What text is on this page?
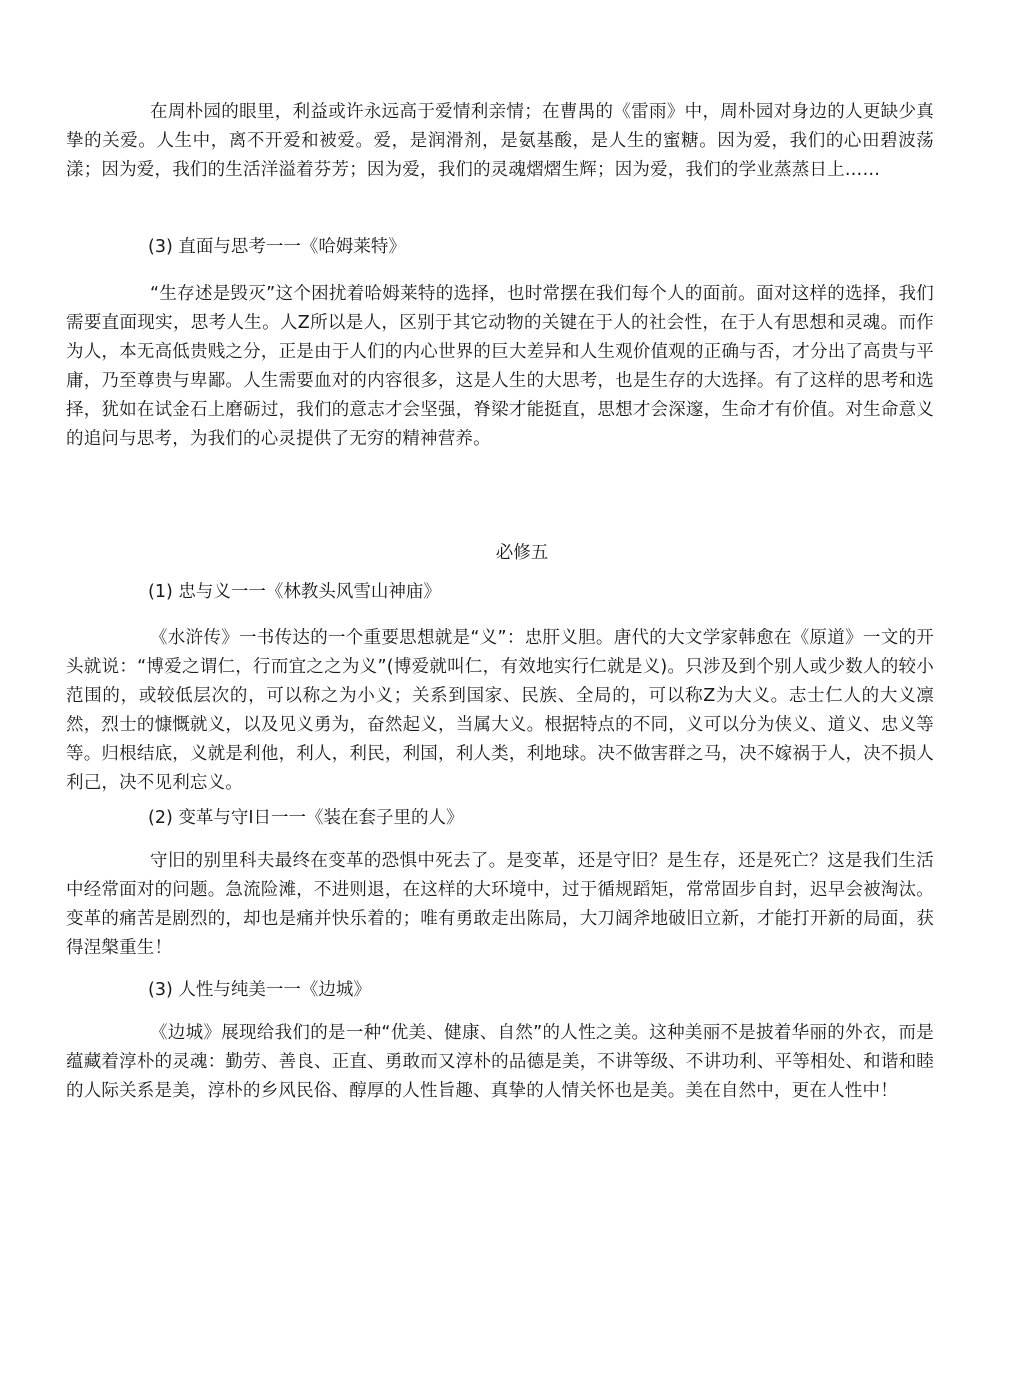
在周朴园的眼里，利益或许永远高于爱情利亲情；在曹禺的《雷雨》中，周朴园对身边的人更缺少真挚的关爱。人生中，离不开爱和被爱。爱，是润滑剂，是氨基酸，是人生的蜜糖。因为爱，我们的心田碧波荡漾；因为爱，我们的生活洋溢着芬芳；因为爱，我们的灵魂熠熠生辉；因为爱，我们的学业蒸蒸日上……

(3) 直面与思考一一《哈姆莱特》

“生存述是毁灭”这个困扰着哈姆莱特的选择，也时常摆在我们每个人的面前。面对这样的选择，我们需要直面现实，思考人生。人Z所以是人，区别于其它动物的关键在于人的社会性，在于人有思想和灵魂。而作为人，本无高低贵贱之分，正是由于人们的内心世界的巨大差异和人生观价值观的正确与否，才分出了高贵与平庸，乃至尊贵与卑鄙。人生需要血对的内容很多，这是人生的大思考，也是生存的大选择。有了这样的思考和选择，犹如在试金石上磨砺过，我们的意志才会坚强，脊梁才能挺直，思想才会深邃，生命才有价值。对生命意义的追问与思考，为我们的心灵提供了无穷的精神营养。

必修五

(1) 忠与义一一《林教头风雪山神庙》

《水浒传》一书传达的一个重要思想就是“义”：忠肝义胆。唐代的大文学家韩愈在《原道》一文的开头就说：“博爱之谓仁，行而宜之之为义”(博爱就叫仁，有效地实行仁就是义)。只涉及到个别人或少数人的较小范围的，或较低层次的，可以称之为小义；关系到国家、民族、全局的，可以称Z为大义。志士仁人的大义凛然，烈士的慷慨就义，以及见义勇为，奋然起义，当属大义。根据特点的不同，义可以分为侠义、道义、忠义等等。归根结底，义就是利他，利人，利民，利国，利人类，利地球。决不做害群之马，决不嫁祸于人，决不损人利己，决不见利忘义。

(2) 变革与守I日一一《装在套子里的人》

守旧的别里科夫最终在变革的恐惧中死去了。是变革，还是守旧？是生存，还是死亡？这是我们生活中经常面对的问题。急流险滩，不进则退，在这样的大环境中，过于循规蹈矩，常常固步自封，迟早会被淘汰。变革的痛苦是剧烈的，却也是痛并快乐着的；唯有勇敢走出陈局，大刀阔斧地破旧立新，才能打开新的局面，获得涅槃重生！

(3) 人性与纯美一一《边城》

《边城》展现给我们的是一种“优美、健康、自然”的人性之美。这种美丽不是披着华丽的外衣，而是蕴藏着淳朴的灵魂：勤劳、善良、正直、勇敢而又淳朴的品德是美，不讲等级、不讲功利、平等相处、和谐和睦的人际关系是美，淳朴的乡风民俗、醇厚的人性旨趣、真挚的人情关怀也是美。美在自然中，更在人性中！
